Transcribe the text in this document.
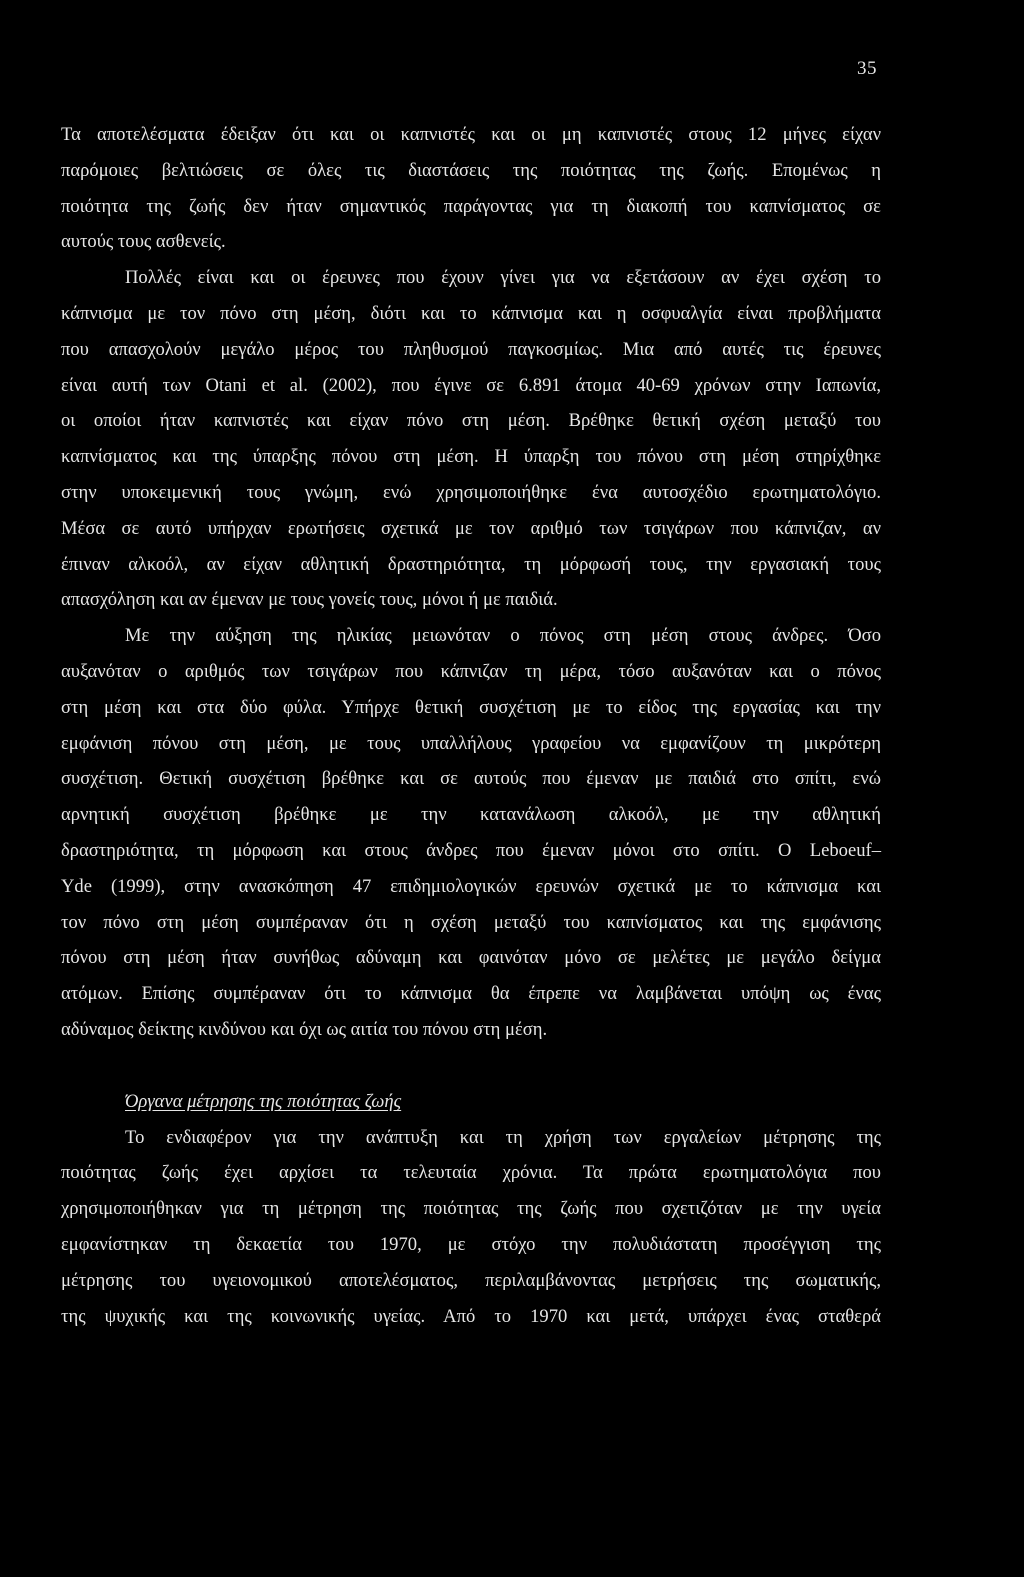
35
Τα αποτελέσματα έδειξαν ότι και οι καπνιστές και οι μη καπνιστές στους 12 μήνες είχαν
παρόμοιες βελτιώσεις σε όλες τις διαστάσεις της ποιότητας της ζωής. Επομένως η
ποιότητα της ζωής δεν ήταν σημαντικός παράγοντας για τη διακοπή του καπνίσματος σε
αυτούς τους ασθενείς.
Πολλές είναι και οι έρευνες που έχουν γίνει για να εξετάσουν αν έχει σχέση το
κάπνισμα με τον πόνο στη μέση, διότι και το κάπνισμα και η οσφυαλγία είναι προβλήματα
που απασχολούν μεγάλο μέρος του πληθυσμού παγκοσμίως. Μια από αυτές τις έρευνες
είναι αυτή των Otani et al. (2002), που έγινε σε 6.891 άτομα 40-69 χρόνων στην Ιαπωνία,
οι οποίοι ήταν καπνιστές και είχαν πόνο στη μέση. Βρέθηκε θετική σχέση μεταξύ του
καπνίσματος και της ύπαρξης πόνου στη μέση. Η ύπαρξη του πόνου στη μέση στηρίχθηκε
στην υποκειμενική τους γνώμη, ενώ χρησιμοποιήθηκε ένα αυτοσχέδιο ερωτηματολόγιο.
Μέσα σε αυτό υπήρχαν ερωτήσεις σχετικά με τον αριθμό των τσιγάρων που κάπνιζαν, αν
έπιναν αλκοόλ, αν είχαν αθλητική δραστηριότητα, τη μόρφωσή τους, την εργασιακή τους
απασχόληση και αν έμεναν με τους γονείς τους, μόνοι ή με παιδιά.
Με την αύξηση της ηλικίας μειωνόταν ο πόνος στη μέση στους άνδρες. Όσο
αυξανόταν ο αριθμός των τσιγάρων που κάπνιζαν τη μέρα, τόσο αυξανόταν και ο πόνος
στη μέση και στα δύο φύλα. Υπήρχε θετική συσχέτιση με το είδος της εργασίας και την
εμφάνιση πόνου στη μέση, με τους υπαλλήλους γραφείου να εμφανίζουν τη μικρότερη
συσχέτιση. Θετική συσχέτιση βρέθηκε και σε αυτούς που έμεναν με παιδιά στο σπίτι, ενώ
αρνητική συσχέτιση βρέθηκε με την κατανάλωση αλκοόλ, με την αθλητική
δραστηριότητα, τη μόρφωση και στους άνδρες που έμεναν μόνοι στο σπίτι. Ο Leboeuf–
Yde (1999), στην ανασκόπηση 47 επιδημιολογικών ερευνών σχετικά με το κάπνισμα και
τον πόνο στη μέση συμπέραναν ότι η σχέση μεταξύ του καπνίσματος και της εμφάνισης
πόνου στη μέση ήταν συνήθως αδύναμη και φαινόταν μόνο σε μελέτες με μεγάλο δείγμα
ατόμων. Επίσης συμπέραναν ότι το κάπνισμα θα έπρεπε να λαμβάνεται υπόψη ως ένας
αδύναμος δείκτης κινδύνου και όχι ως αιτία του πόνου στη μέση.
Όργανα μέτρησης της ποιότητας ζωής
Το ενδιαφέρον για την ανάπτυξη και τη χρήση των εργαλείων μέτρησης της
ποιότητας ζωής έχει αρχίσει τα τελευταία χρόνια. Τα πρώτα ερωτηματολόγια που
χρησιμοποιήθηκαν για τη μέτρηση της ποιότητας της ζωής που σχετιζόταν με την υγεία
εμφανίστηκαν τη δεκαετία του 1970, με στόχο την πολυδιάστατη προσέγγιση της
μέτρησης του υγειονομικού αποτελέσματος, περιλαμβάνοντας μετρήσεις της σωματικής,
της ψυχικής και της κοινωνικής υγείας. Από το 1970 και μετά, υπάρχει ένας σταθερά
